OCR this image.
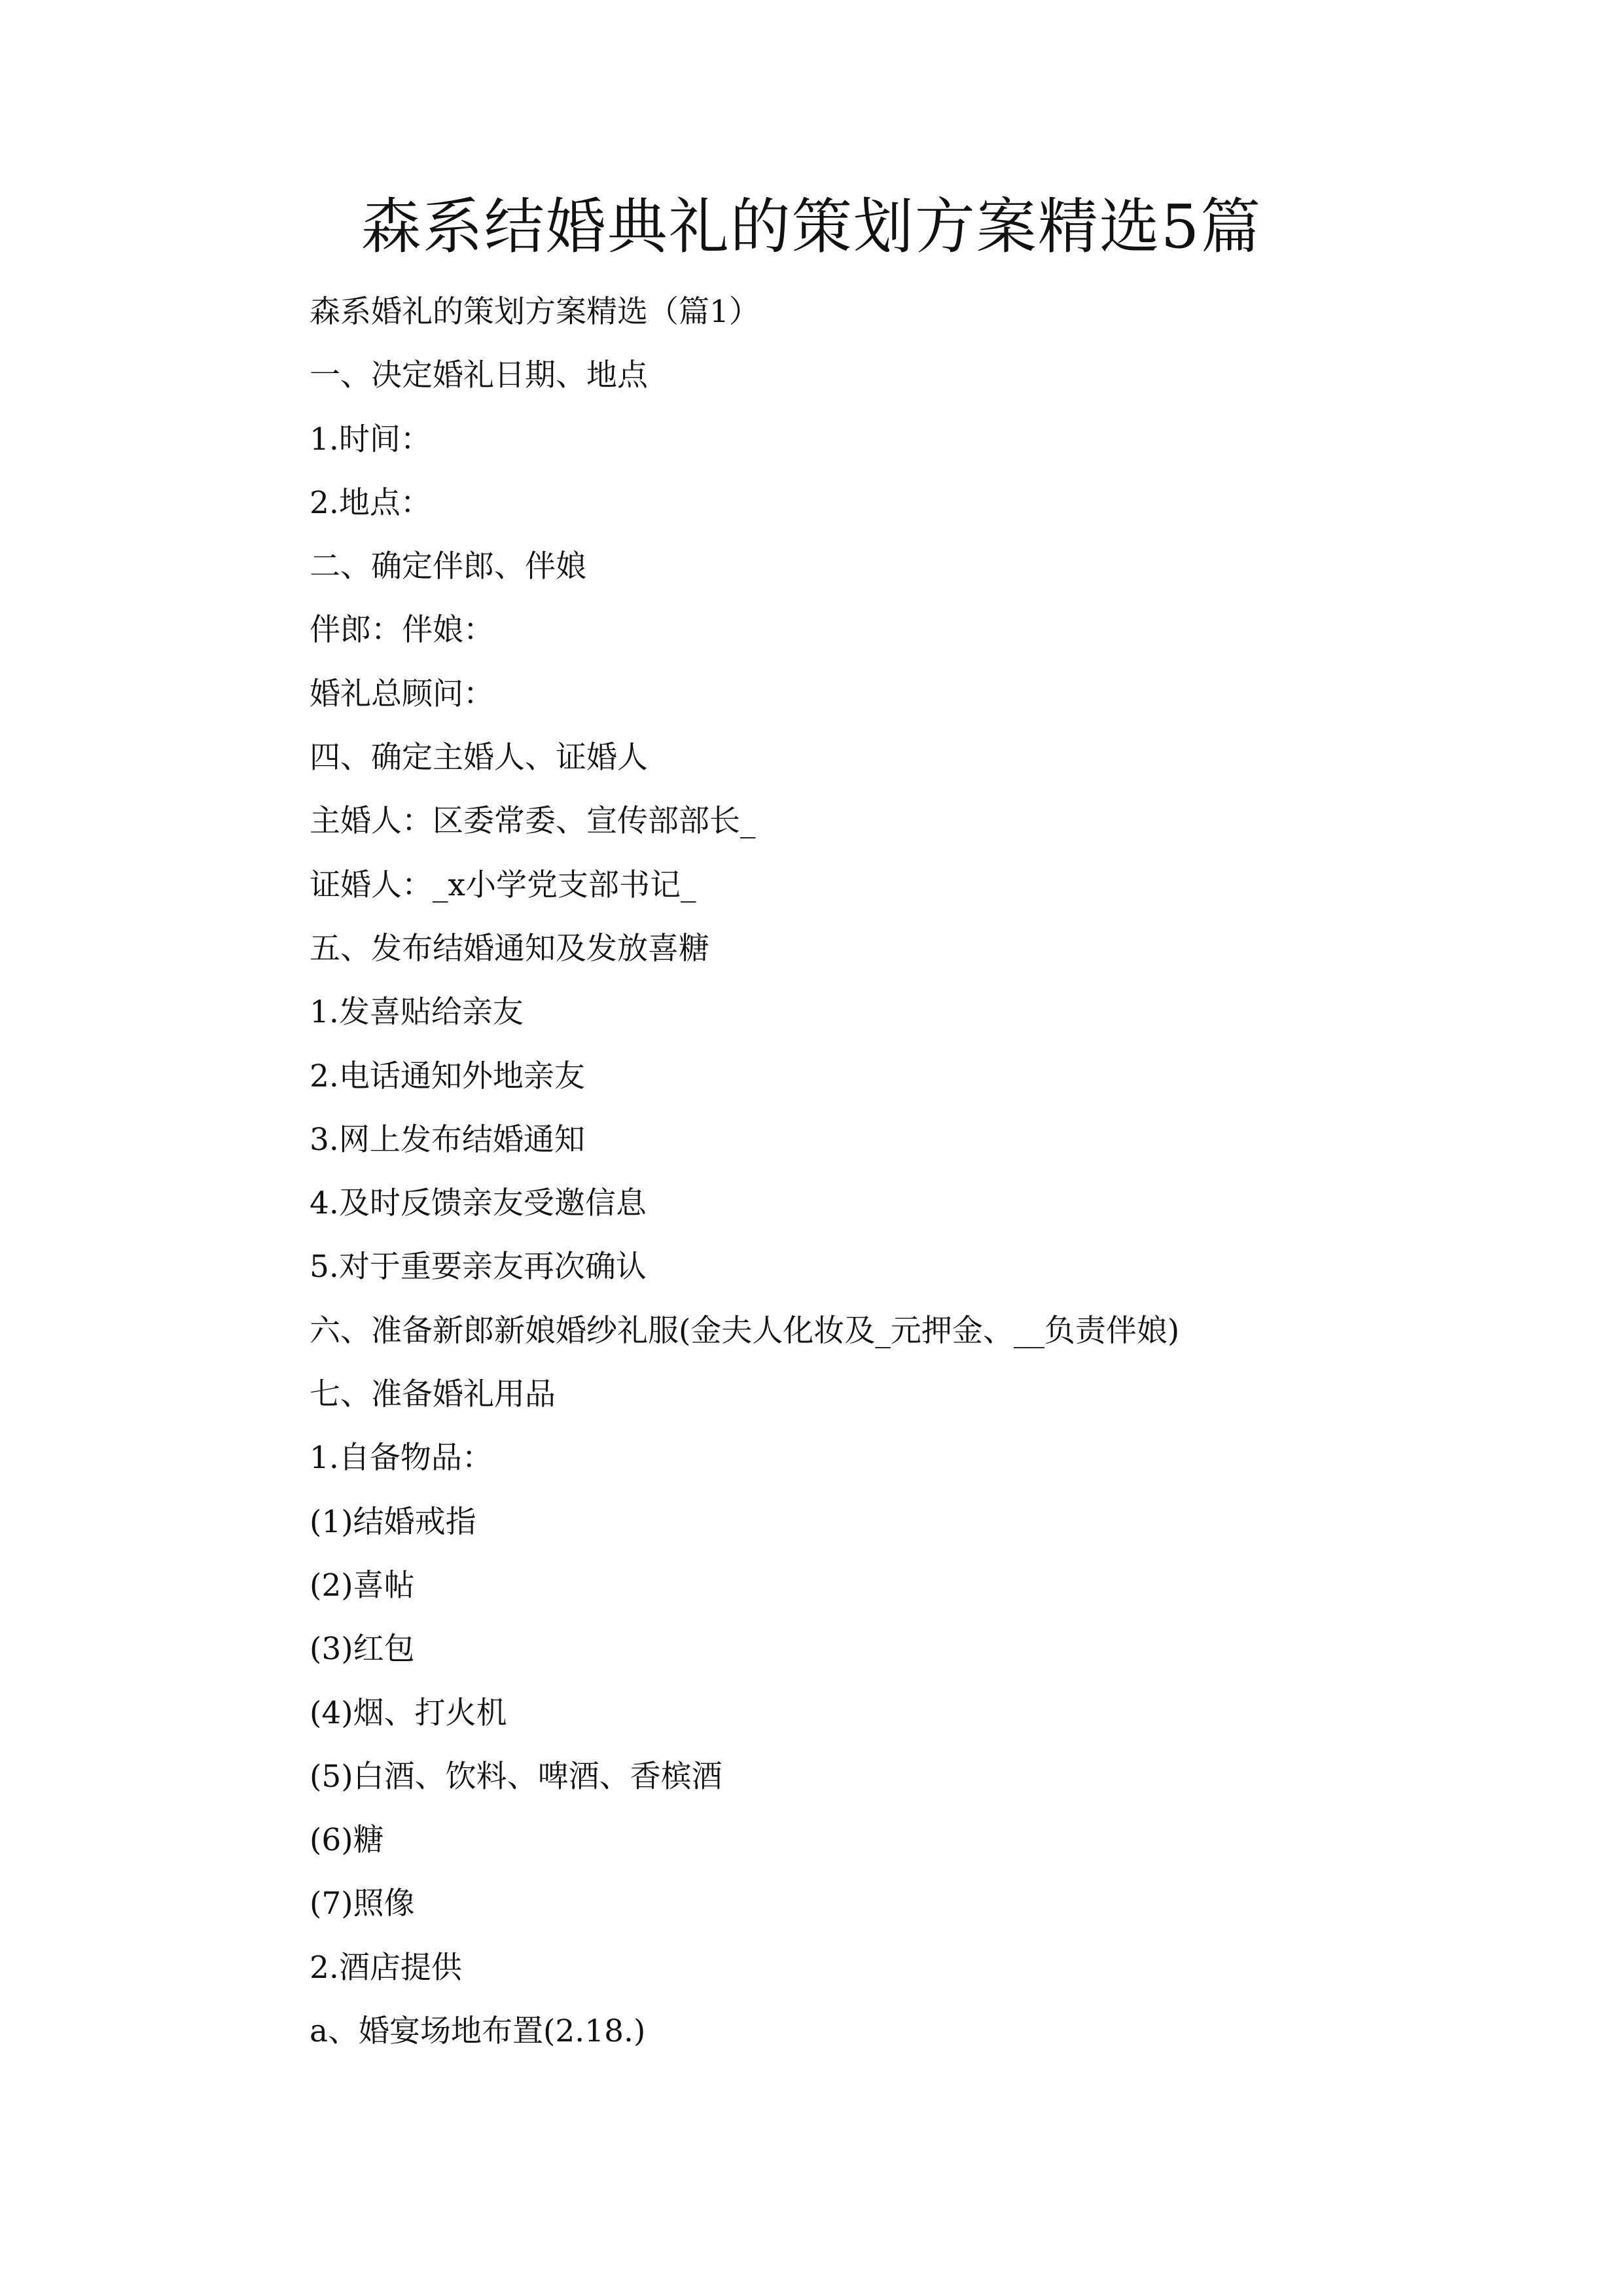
森系结婚典礼的策划方案精选5篇
森系婚礼的策划方案精选（篇1）
一、决定婚礼日期、地点
1.时间：
2.地点：
二、确定伴郎、伴娘
伴郎：伴娘：
婚礼总顾问：
四、确定主婚人、证婚人
主婚人：区委常委、宣传部部长_
证婚人：_x小学党支部书记_
五、发布结婚通知及发放喜糖
1.发喜贴给亲友
2.电话通知外地亲友
3.网上发布结婚通知
4.及时反馈亲友受邀信息
5.对于重要亲友再次确认
六、准备新郎新娘婚纱礼服(金夫人化妆及_元押金、__负责伴娘)
七、准备婚礼用品
1.自备物品：
(1)结婚戒指
(2)喜帖
(3)红包
(4)烟、打火机
(5)白酒、饮料、啤酒、香槟酒
(6)糖
(7)照像
2.酒店提供
a、婚宴场地布置(2.18.)
